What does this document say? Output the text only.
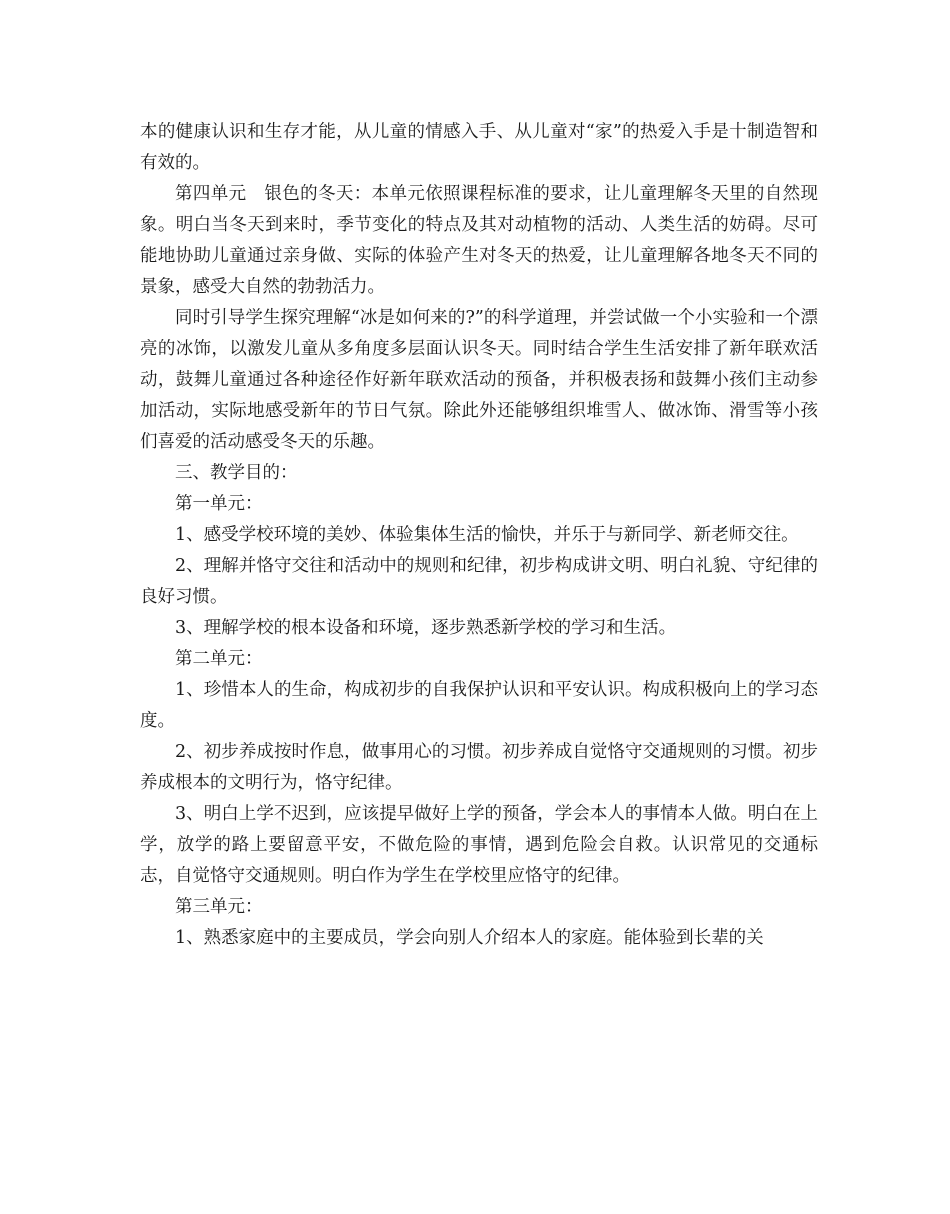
本的健康认识和生存才能，从儿童的情感入手、从儿童对“家”的热爱入手是十制造智和有效的。

第四单元　银色的冬天：本单元依照课程标准的要求，让儿童理解冬天里的自然现象。明白当冬天到来时，季节变化的特点及其对动植物的活动、人类生活的妨碍。尽可能地协助儿童通过亲身做、实际的体验产生对冬天的热爱，让儿童理解各地冬天不同的景象，感受大自然的勃勃活力。

同时引导学生探究理解“冰是如何来的?”的科学道理，并尝试做一个小实验和一个漂亮的冰饰，以激发儿童从多角度多层面认识冬天。同时结合学生生活安排了新年联欢活动，鼓舞儿童通过各种途径作好新年联欢活动的预备，并积极表扬和鼓舞小孩们主动参加活动，实际地感受新年的节日气氛。除此外还能够组织堆雪人、做冰饰、滑雪等小孩们喜爱的活动感受冬天的乐趣。

三、教学目的：

第一单元：

1、感受学校环境的美妙、体验集体生活的愉快，并乐于与新同学、新老师交往。

2、理解并恪守交往和活动中的规则和纪律，初步构成讲文明、明白礼貌、守纪律的良好习惯。

3、理解学校的根本设备和环境，逐步熟悉新学校的学习和生活。

第二单元：

1、珍惜本人的生命，构成初步的自我保护认识和平安认识。构成积极向上的学习态度。

2、初步养成按时作息，做事用心的习惯。初步养成自觉恪守交通规则的习惯。初步养成根本的文明行为，恪守纪律。

3、明白上学不迟到，应该提早做好上学的预备，学会本人的事情本人做。明白在上学，放学的路上要留意平安，不做危险的事情，遇到危险会自救。认识常见的交通标志，自觉恪守交通规则。明白作为学生在学校里应恪守的纪律。

第三单元：

1、熟悉家庭中的主要成员，学会向别人介绍本人的家庭。能体验到长辈的关
